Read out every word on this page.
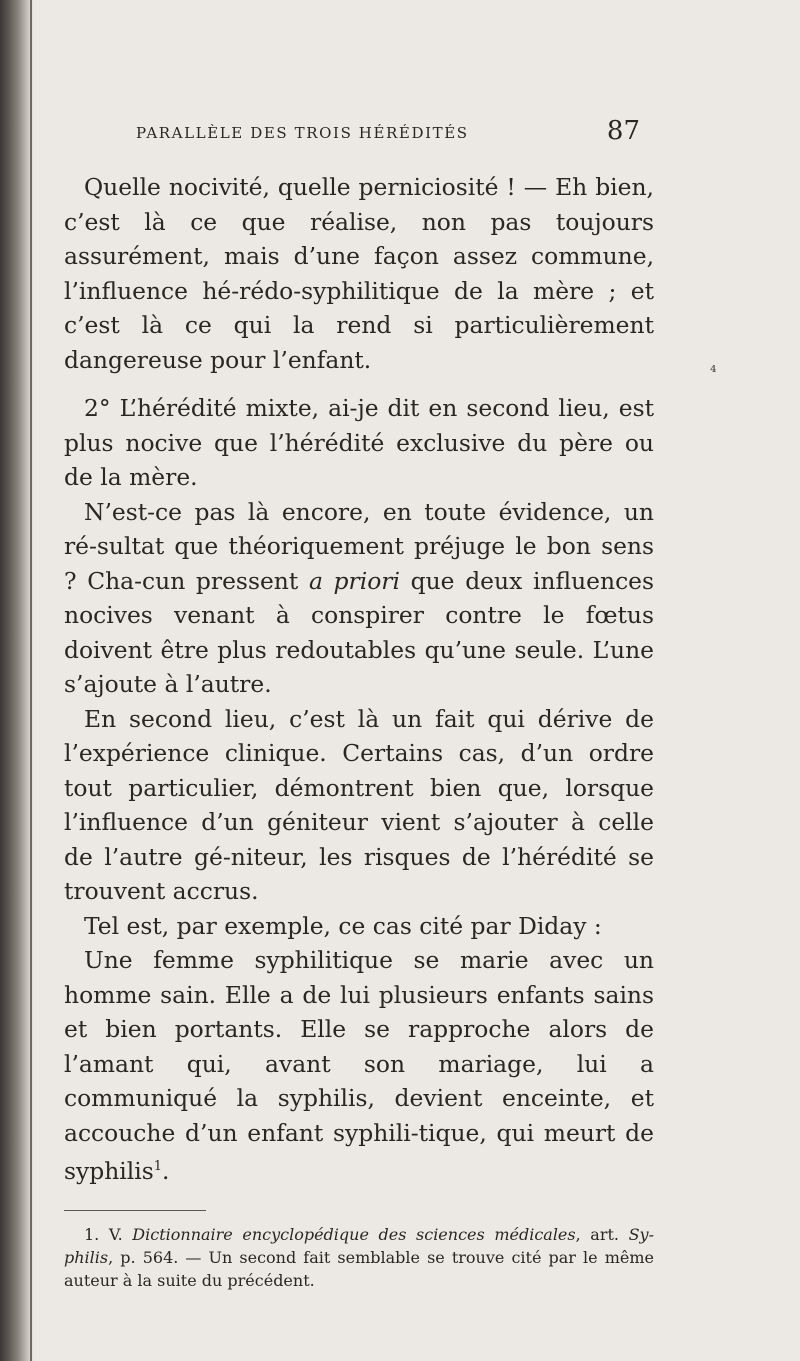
PARALLÈLE DES TROIS HÉRÉDITÉS	87

Quelle nocivité, quelle perniciosité ! — Eh bien, c’est là ce que réalise, non pas toujours assurément, mais d’une façon assez commune, l’influence hé-rédo-syphilitique de la mère ; et c’est là ce qui la rend si particulièrement dangereuse pour l’enfant.

2° L’hérédité mixte, ai-je dit en second lieu, est plus nocive que l’hérédité exclusive du père ou de la mère.

N’est-ce pas là encore, en toute évidence, un ré-sultat que théoriquement préjuge le bon sens ? Cha-cun pressent a priori que deux influences nocives venant à conspirer contre le fœtus doivent être plus redoutables qu’une seule. L’une s’ajoute à l’autre.

En second lieu, c’est là un fait qui dérive de l’expérience clinique. Certains cas, d’un ordre tout particulier, démontrent bien que, lorsque l’influence d’un géniteur vient s’ajouter à celle de l’autre gé-niteur, les risques de l’hérédité se trouvent accrus.

Tel est, par exemple, ce cas cité par Diday :

Une femme syphilitique se marie avec un homme sain. Elle a de lui plusieurs enfants sains et bien portants. Elle se rapproche alors de l’amant qui, avant son mariage, lui a communiqué la syphilis, devient enceinte, et accouche d’un enfant syphili-tique, qui meurt de syphilis$^1$.

1. V. Dictionnaire encyclopédique des sciences médicales, art. Sy-philis, p. 564. — Un second fait semblable se trouve cité par le même auteur à la suite du précédent.

⁴
